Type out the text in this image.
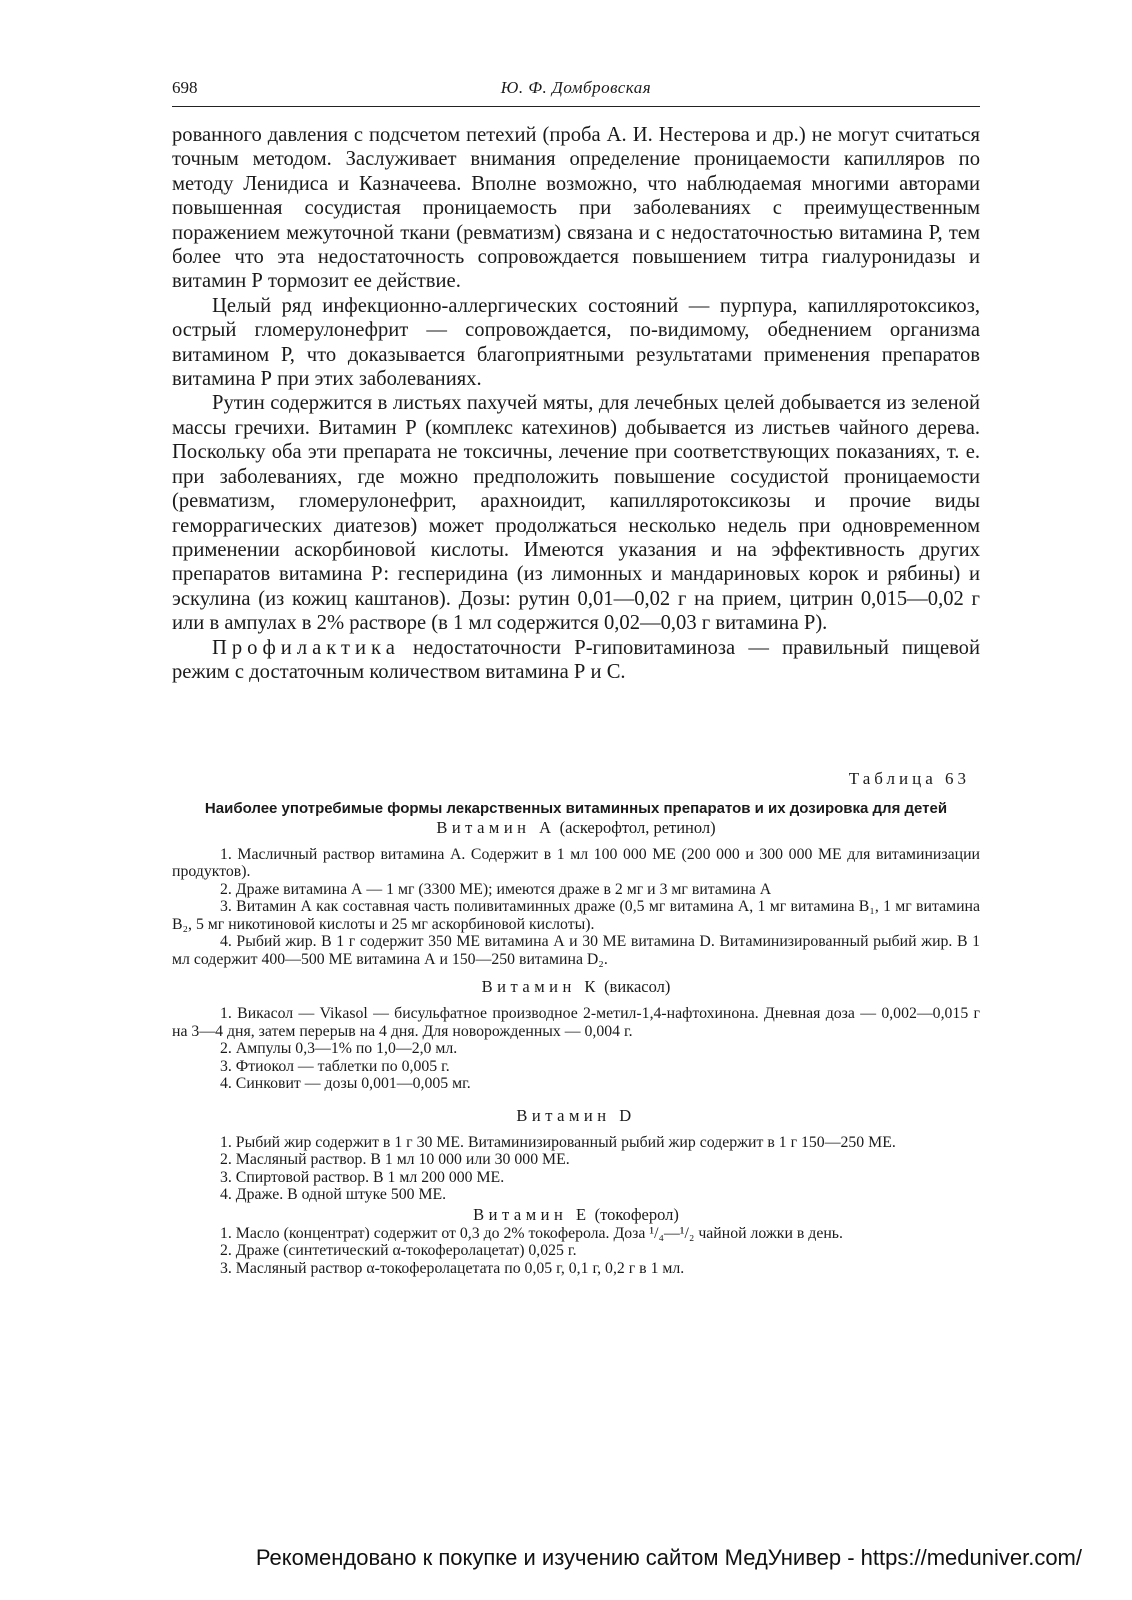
698	Ю. Ф. Домбровская

рованного давления с подсчетом петехий (проба А. И. Нестерова и др.) не могут считаться точным методом. Заслуживает внимания определение проницаемости капилляров по методу Ленидиса и Казначеева. Вполне возможно, что наблюдаемая многими авторами повышенная сосудистая проницаемость при заболеваниях с преимущественным поражением межуточной ткани (ревматизм) связана и с недостаточностью витамина Р, тем более что эта недостаточность сопровождается повышением титра гиалуронидазы и витамин Р тормозит ее действие.

Целый ряд инфекционно-аллергических состояний — пурпура, капилляротоксикоз, острый гломерулонефрит — сопровождается, по-видимому, обеднением организма витамином Р, что доказывается благоприятными результатами применения препаратов витамина Р при этих заболеваниях.

Рутин содержится в листьях пахучей мяты, для лечебных целей добывается из зеленой массы гречихи. Витамин Р (комплекс катехинов) добывается из листьев чайного дерева. Поскольку оба эти препарата не токсичны, лечение при соответствующих показаниях, т. е. при заболеваниях, где можно предположить повышение сосудистой проницаемости (ревматизм, гломерулонефрит, арахноидит, капилляротоксикозы и прочие виды геморрагических диатезов) может продолжаться несколько недель при одновременном применении аскорбиновой кислоты. Имеются указания и на эффективность других препаратов витамина Р: гесперидина (из лимонных и мандариновых корок и рябины) и эскулина (из кожиц каштанов). Дозы: рутин 0,01—0,02 г на прием, цитрин 0,015—0,02 г или в ампулах в 2% растворе (в 1 мл содержится 0,02—0,03 г витамина Р).

Профилактика недостаточности Р-гиповитаминоза — правильный пищевой режим с достаточным количеством витамина Р и С.

Таблица 63
Наиболее употребимые формы лекарственных витаминных препаратов и их дозировка для детей
Витамин А (аскерофтол, ретинол)

1. Масличный раствор витамина А. Содержит в 1 мл 100 000 МЕ (200 000 и 300 000 МЕ для витаминизации продуктов).

2. Драже витамина А — 1 мг (3300 МЕ); имеются драже в 2 мг и 3 мг витамина А

3. Витамин А как составная часть поливитаминных драже (0,5 мг витамина А, 1 мг витамина B₁, 1 мг витамина B₂, 5 мг никотиновой кислоты и 25 мг аскорбиновой кислоты).

4. Рыбий жир. В 1 г содержит 350 МЕ витамина А и 30 МЕ витамина D. Витаминизированный рыбий жир. В 1 мл содержит 400—500 МЕ витамина А и 150—250 витамина D₂.

Витамин К (викасол)

1. Викасол — Vikasol — бисульфатное производное 2-метил-1,4-нафтохинона. Дневная доза — 0,002—0,015 г на 3—4 дня, затем перерыв на 4 дня. Для новорожденных — 0,004 г.

2. Ампулы 0,3—1% по 1,0—2,0 мл.

3. Фтиокол — таблетки по 0,005 г.

4. Синковит — дозы 0,001—0,005 мг.

Витамин D

1. Рыбий жир содержит в 1 г 30 МЕ. Витаминизированный рыбий жир содержит в 1 г 150—250 МЕ.

2. Масляный раствор. В 1 мл 10 000 или 30 000 МЕ.

3. Спиртовой раствор. В 1 мл 200 000 МЕ.

4. Драже. В одной штуке 500 МЕ.

Витамин Е (токоферол)

1. Масло (концентрат) содержит от 0,3 до 2% токоферола. Доза ¹/₄—¹/₂ чайной ложки в день.

2. Драже (синтетический α-токоферолацетат) 0,025 г.

3. Масляный раствор α-токоферолацетата по 0,05 г, 0,1 г, 0,2 г в 1 мл.

Рекомендовано к покупке и изучению сайтом МедУнивер - https://meduniver.com/
